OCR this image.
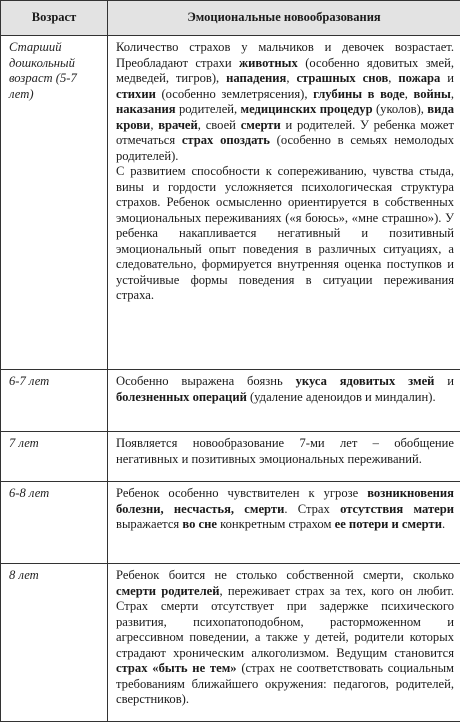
Возраст	Эмоциональные новообразования
Старший дошкольный возраст (5-7 лет)	Количество страхов у мальчиков и девочек возрастает. Преобладают страхи животных (особенно ядовитых змей, медведей, тигров), нападения, страшных снов, пожара и стихии (особенно землетрясения), глубины в воде, войны, наказания родителей, медицинских процедур (уколов), вида крови, врачей, своей смерти и родителей. У ребенка может отмечаться страх опоздать (особенно в семьях немолодых родителей).

С развитием способности к сопереживанию, чувства стыда, вины и гордости усложняется психологическая структура страхов. Ребенок осмысленно ориентируется в собственных эмоциональных переживаниях («я боюсь», «мне страшно»). У ребенка накапливается негативный и позитивный эмоциональный опыт поведения в различных ситуациях, а следовательно, формируется внутренняя оценка поступков и устойчивые формы поведения в ситуации переживания страха.

6-7 лет	Особенно выражена боязнь укуса ядовитых змей и болезненных операций (удаление аденоидов и миндалин).

7 лет	Появляется новообразование 7-ми лет – обобщение негативных и позитивных эмоциональных переживаний.

6-8 лет	Ребенок особенно чувствителен к угрозе возникновения болезни, несчастья, смерти. Страх отсутствия матери выражается во сне конкретным страхом ее потери и смерти.

8 лет	Ребенок боится не столько собственной смерти, сколько смерти родителей, переживает страх за тех, кого он любит. Страх смерти отсутствует при задержке психического развития, психопатоподобном, расторможенном и агрессивном поведении, а также у детей, родители которых страдают хроническим алкоголизмом. Ведущим становится страх «быть не тем» (страх не соответствовать социальным требованиям ближайшего окружения: педагогов, родителей, сверстников).
